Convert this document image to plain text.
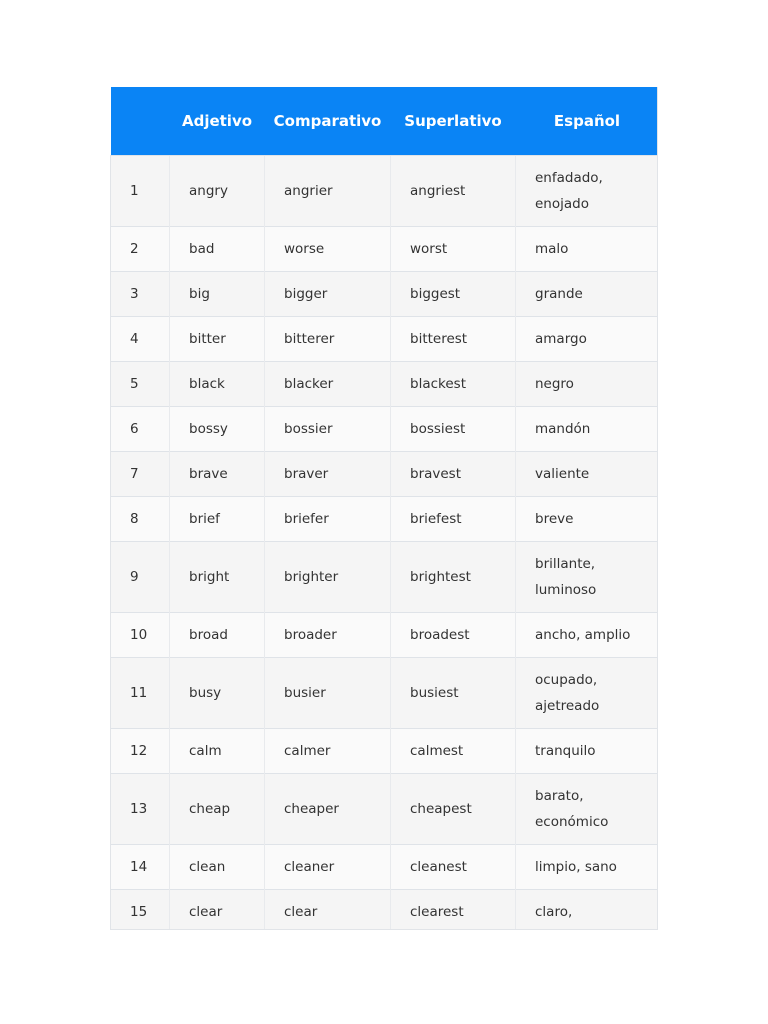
	Adjetivo	Comparativo	Superlativo	Español
1	angry	angrier	angriest	enfadado, enojado
2	bad	worse	worst	malo
3	big	bigger	biggest	grande
4	bitter	bitterer	bitterest	amargo
5	black	blacker	blackest	negro
6	bossy	bossier	bossiest	mandón
7	brave	braver	bravest	valiente
8	brief	briefer	briefest	breve
9	bright	brighter	brightest	brillante, luminoso
10	broad	broader	broadest	ancho, amplio
11	busy	busier	busiest	ocupado, ajetreado
12	calm	calmer	calmest	tranquilo
13	cheap	cheaper	cheapest	barato, económico
14	clean	cleaner	cleanest	limpio, sano
15	clear	clear	clearest	claro,
